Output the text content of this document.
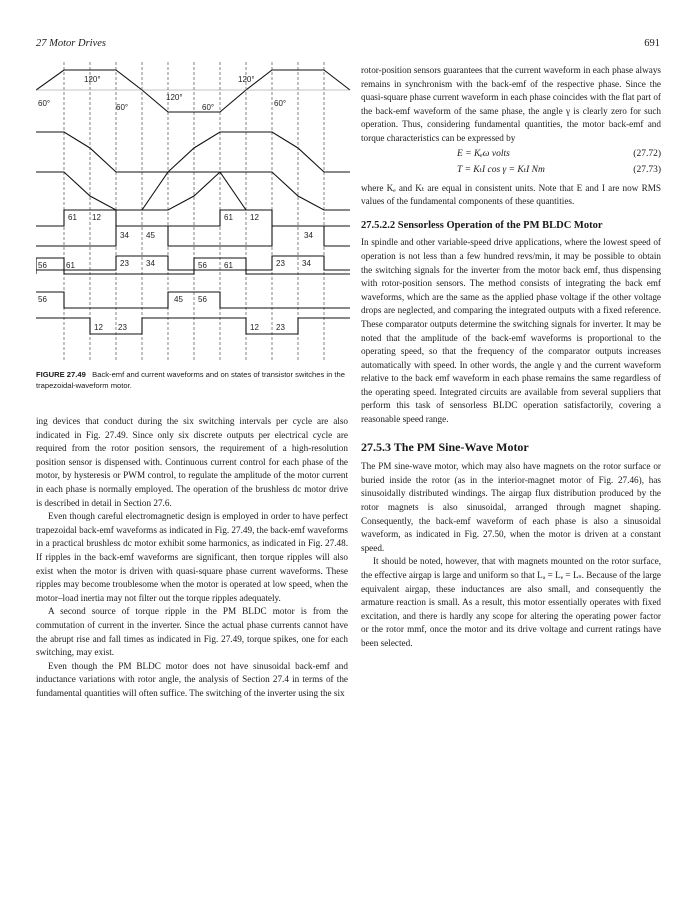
27 Motor Drives	691
120°	120°
60°	60°	60°	60°
120°
61 12	61 12
34 45	34
23 34	23 34
56 61	56 61
56	45 56
12 23	12 23
FIGURE 27.49 Back-emf and current waveforms and on states of transistor switches in the trapezoidal-waveform motor.

ing devices that conduct during the six switching intervals per cycle are also indicated in Fig. 27.49. Since only six discrete outputs per electrical cycle are required from the rotor position sensors, the requirement of a high-resolution position sensor is dispensed with. Continuous current control for each phase of the motor, by hysteresis or PWM control, to regulate the amplitude of the motor current in each phase is normally employed. The operation of the brushless dc motor drive is described in detail in Section 27.6.

Even though careful electromagnetic design is employed in order to have perfect trapezoidal back-emf waveforms as indicated in Fig. 27.49, the back-emf waveforms in a practical brushless dc motor exhibit some harmonics, as indicated in Fig. 27.48. If ripples in the back-emf waveforms are significant, then torque ripples will also exist when the motor is driven with quasi-square phase current waveforms. These ripples may become troublesome when the motor is operated at low speed, when the motor–load inertia may not filter out the torque ripples adequately.

A second source of torque ripple in the PM BLDC motor is from the commutation of current in the inverter. Since the actual phase currents cannot have the abrupt rise and fall times as indicated in Fig. 27.49, torque spikes, one for each switching, may exist.

Even though the PM BLDC motor does not have sinusoidal back-emf and inductance variations with rotor angle, the analysis of Section 27.4 in terms of the fundamental quantities will often suffice. The switching of the inverter using the six

rotor-position sensors guarantees that the current waveform in each phase always remains in synchronism with the back-emf of the respective phase. Since the quasi-square phase current waveform in each phase coincides with the flat part of the back-emf waveform of the same phase, the angle γ is clearly zero for such operation. Thus, considering fundamental quantities, the motor back-emf and torque characteristics can be expressed by

E = Kₑω volts	(27.72)
T = KₜI cos γ = KₜI Nm	(27.73)

where Kₑ and Kₜ are equal in consistent units. Note that E and I are now RMS values of the fundamental components of these quantities.

27.5.2.2 Sensorless Operation of the PM BLDC Motor

In spindle and other variable-speed drive applications, where the lowest speed of operation is not less than a few hundred revs/min, it may be possible to obtain the switching signals for the inverter from the motor back emf, thus dispensing with rotor-position sensors. The method consists of integrating the back emf waveforms, which are the same as the applied phase voltage if the other voltage drops are neglected, and comparing the integrated outputs with a fixed reference. These comparator outputs determine the switching signals for inverter. It may be noted that the amplitude of the back-emf waveforms is proportional to the operating speed, so that the frequency of the comparator outputs increases automatically with speed. In other words, the angle γ and the current waveform relative to the back emf waveform in each phase remains the same regardless of the operating speed. Integrated circuits are available from several suppliers that perform this task of sensorless BLDC operation satisfactorily, covering a reasonable speed range.

27.5.3 The PM Sine-Wave Motor

The PM sine-wave motor, which may also have magnets on the rotor surface or buried inside the rotor (as in the interior-magnet motor of Fig. 27.46), has sinusoidally distributed windings. The airgap flux distribution produced by the rotor magnets is also sinusoidal, arranged through magnet shaping. Consequently, the back-emf waveform of each phase is also a sinusoidal waveform, as indicated in Fig. 27.50, when the motor is driven at a constant speed.

It should be noted, however, that with magnets mounted on the rotor surface, the effective airgap is large and uniform so that Lₐ = Lₑ = Lₛ. Because of the large equivalent airgap, these inductances are also small, and consequently the armature reaction is small. As a result, this motor essentially operates with fixed excitation, and there is hardly any scope for altering the operating power factor or the rotor mmf, once the motor and its drive voltage and current ratings have been selected.
